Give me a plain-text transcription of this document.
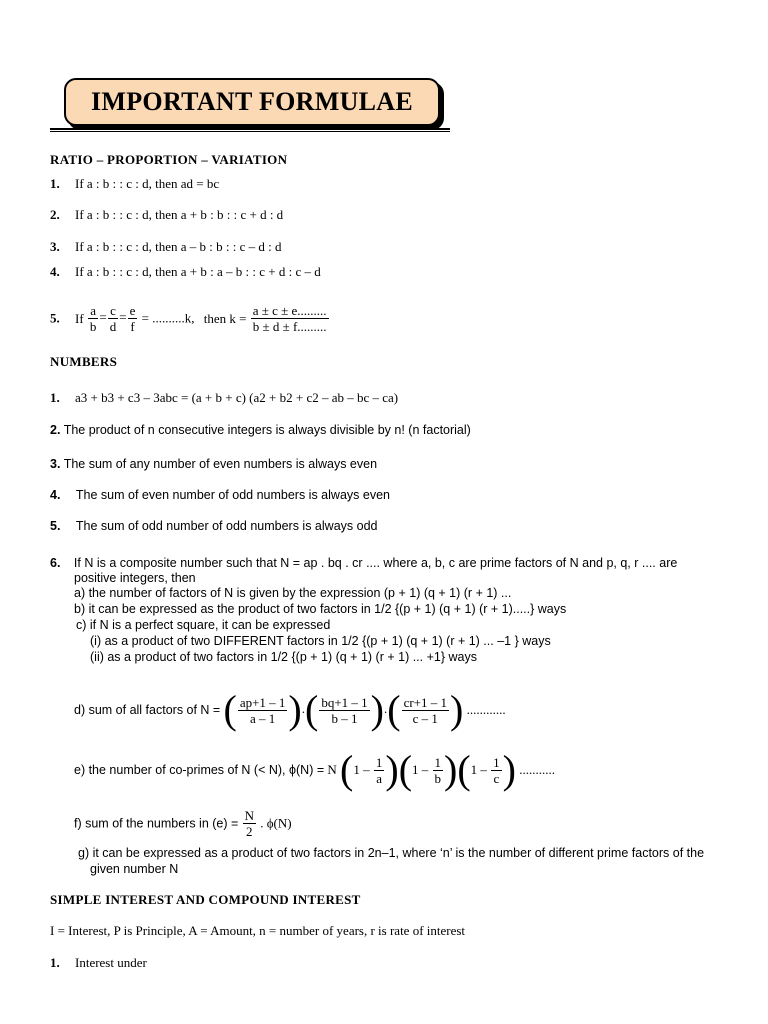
IMPORTANT FORMULAE
RATIO – PROPORTION – VARIATION
1. If a : b : : c : d, then ad = bc
2. If a : b : : c : d, then a + b : b : : c + d : d
3. If a : b : : c : d, then a – b : b : : c – d : d
4. If a : b : : c : d, then a + b : a – b : : c + d : c – d
5. If $\frac{a}{b} = \frac{c}{d} = \frac{e}{f} = ..........k$, then $k = \frac{a \pm c \pm e.........}{b \pm d \pm f.........}$
NUMBERS
1. a3 + b3 + c3 – 3abc = (a + b + c) (a2 + b2 + c2 – ab – bc – ca)
2. The product of n consecutive integers is always divisible by n! (n factorial)
3. The sum of any number of even numbers is always even
4. The sum of even number of odd numbers is always even
5. The sum of odd number of odd numbers is always odd
6. If N is a composite number such that N = ap . bq . cr .... where a, b, c are prime factors of N and p, q, r .... are
positive integers, then
a) the number of factors of N is given by the expression (p + 1) (q + 1) (r + 1) ...
b) it can be expressed as the product of two factors in 1/2 {(p + 1) (q + 1) (r + 1).....} ways
c) if N is a perfect square, it can be expressed
(i) as a product of two DIFFERENT factors in 1/2 {(p + 1) (q + 1) (r + 1) ... –1 } ways
(ii) as a product of two factors in 1/2 {(p + 1) (q + 1) (r + 1) ... +1} ways
d) sum of all factors of N = ( $\frac{ap+1 - 1}{a - 1}$ ).( $\frac{bq+1 - 1}{b - 1}$ ).( $\frac{cr+1 - 1}{c - 1}$ ) ............
e) the number of co-primes of N (< N), ϕ(N) = N $(1 - \frac{1}{a} )(1 - \frac{1}{b} )(1 - \frac{1}{c}$ ) ...........
f) sum of the numbers in $(e) = \frac{N}{2}$ . ϕ(N)
g) it can be expressed as a product of two factors in 2n–1, where ‘n’ is the number of different prime factors of the
given number N
SIMPLE INTEREST AND COMPOUND INTEREST
I = Interest, P is Principle, A = Amount, n = number of years, r is rate of interest
1. Interest under
